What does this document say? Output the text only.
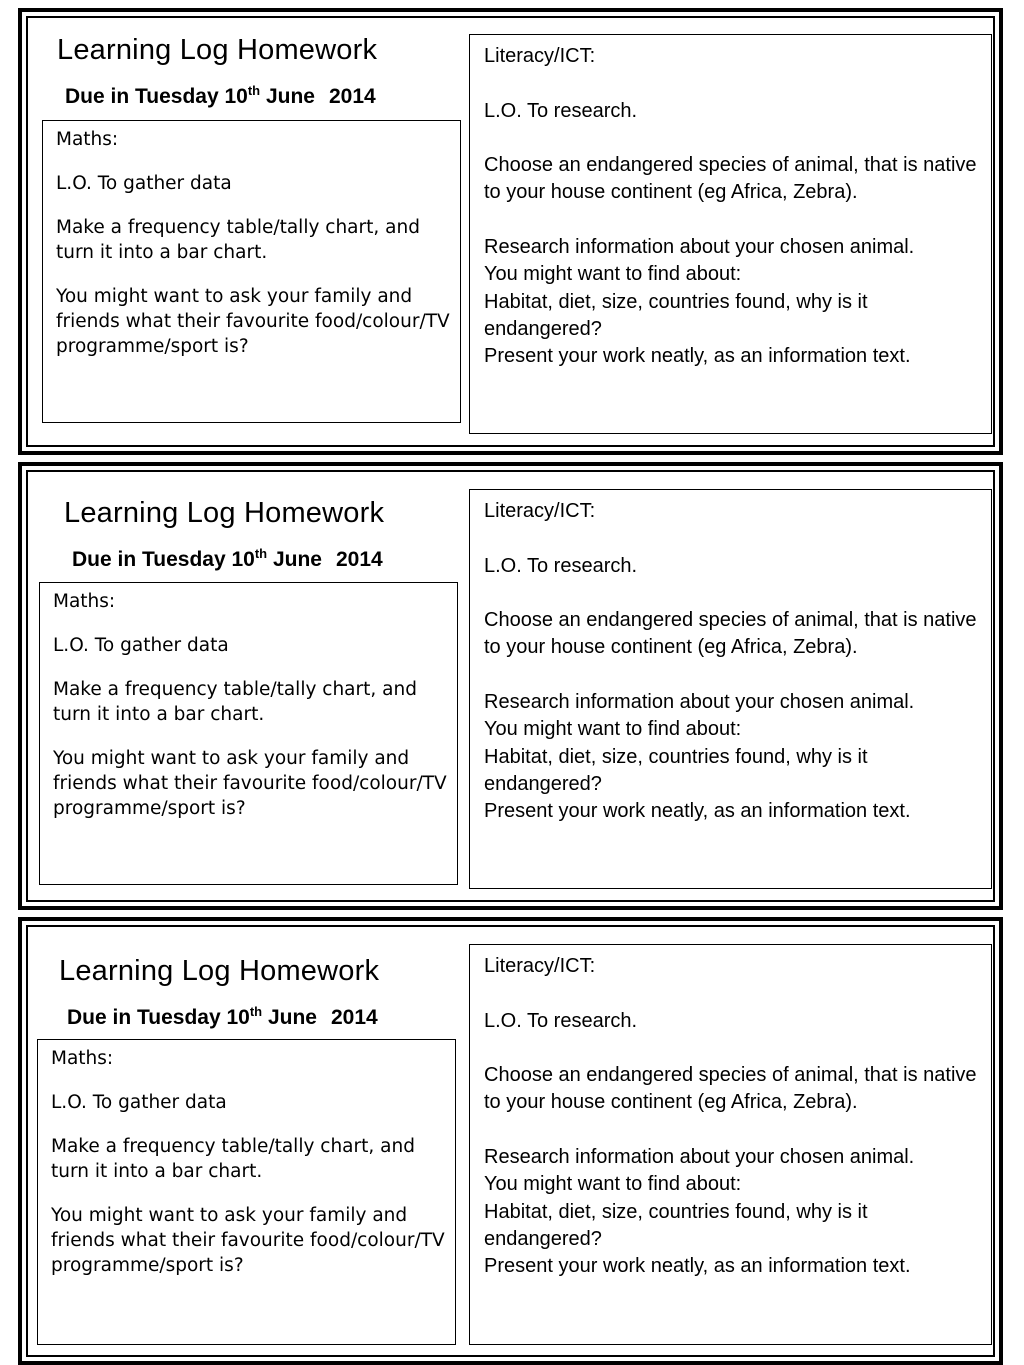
Learning Log Homework
Due in Tuesday 10th June 2014

Maths:

L.O. To gather data

Make a frequency table/tally chart, and turn it into a bar chart.

You might want to ask your family and friends what their favourite food/colour/TV programme/sport is?

Literacy/ICT:

L.O. To research.

Choose an endangered species of animal, that is native to your house continent (eg Africa, Zebra).

Research information about your chosen animal.

You might want to find about:

Habitat, diet, size, countries found, why is it endangered?

Present your work neatly, as an information text.

Learning Log Homework
Due in Tuesday 10th June 2014

Maths:

L.O. To gather data

Make a frequency table/tally chart, and turn it into a bar chart.

You might want to ask your family and friends what their favourite food/colour/TV programme/sport is?

Literacy/ICT:

L.O. To research.

Choose an endangered species of animal, that is native to your house continent (eg Africa, Zebra).

Research information about your chosen animal.

You might want to find about:

Habitat, diet, size, countries found, why is it endangered?

Present your work neatly, as an information text.

Learning Log Homework
Due in Tuesday 10th June 2014

Maths:

L.O. To gather data

Make a frequency table/tally chart, and turn it into a bar chart.

You might want to ask your family and friends what their favourite food/colour/TV programme/sport is?

Literacy/ICT:

L.O. To research.

Choose an endangered species of animal, that is native to your house continent (eg Africa, Zebra).

Research information about your chosen animal.

You might want to find about:

Habitat, diet, size, countries found, why is it endangered?

Present your work neatly, as an information text.
